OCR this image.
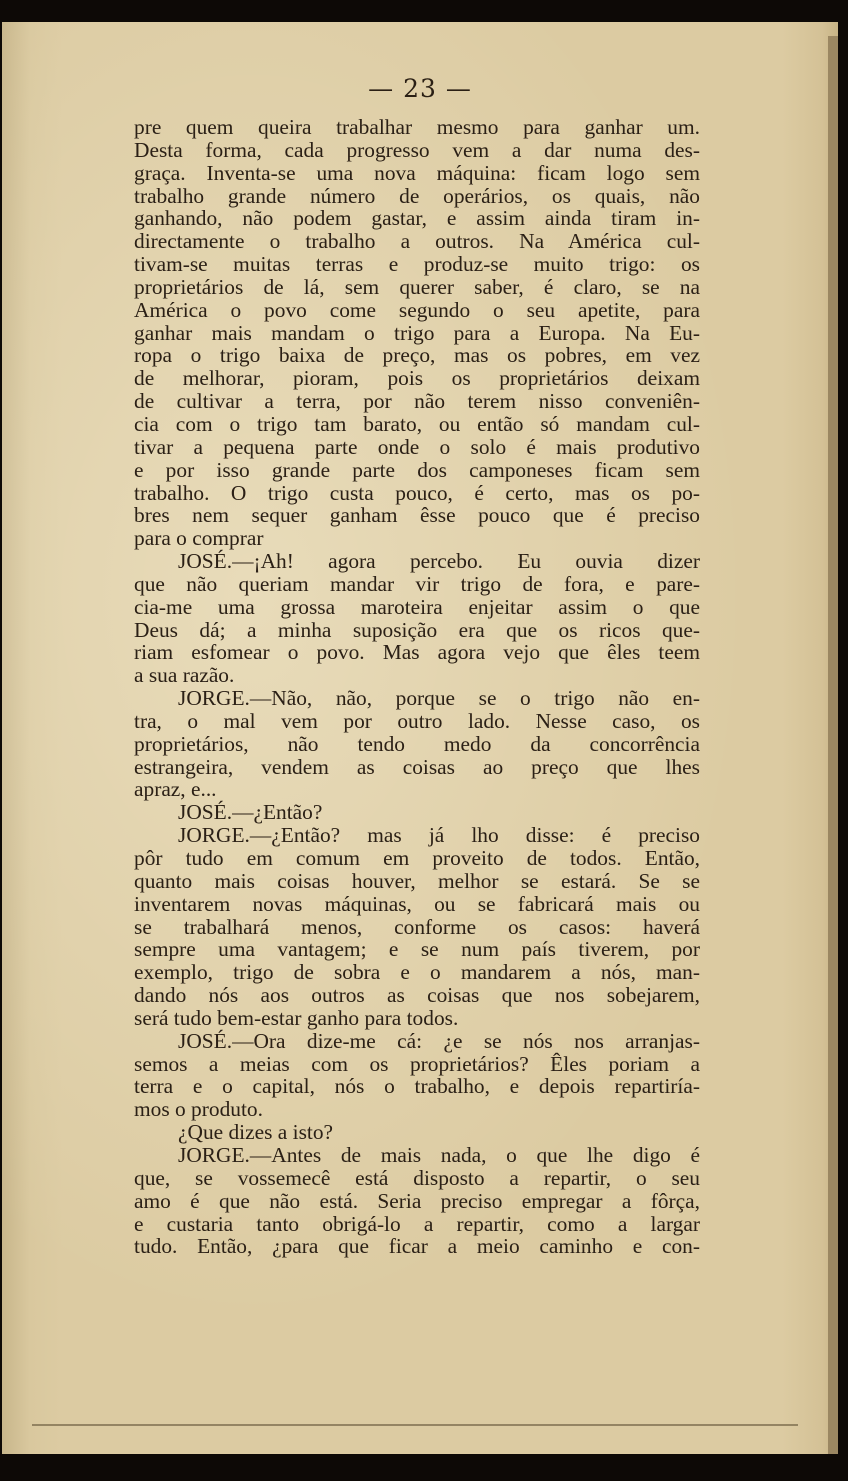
— 23 —
pre quem queira trabalhar mesmo para ganhar um.
Desta forma, cada progresso vem a dar numa des-
graça. Inventa-se uma nova máquina: ficam logo sem
trabalho grande número de operários, os quais, não
ganhando, não podem gastar, e assim ainda tiram in-
directamente o trabalho a outros. Na América cul-
tivam-se muitas terras e produz-se muito trigo: os
proprietários de lá, sem querer saber, é claro, se na
América o povo come segundo o seu apetite, para
ganhar mais mandam o trigo para a Europa. Na Eu-
ropa o trigo baixa de preço, mas os pobres, em vez
de melhorar, pioram, pois os proprietários deixam
de cultivar a terra, por não terem nisso conveniên-
cia com o trigo tam barato, ou então só mandam cul-
tivar a pequena parte onde o solo é mais produtivo
e por isso grande parte dos camponeses ficam sem
trabalho. O trigo custa pouco, é certo, mas os po-
bres nem sequer ganham êsse pouco que é preciso
para o comprar
JOSÉ.—¡Ah! agora percebo. Eu ouvia dizer
que não queriam mandar vir trigo de fora, e pare-
cia-me uma grossa maroteira enjeitar assim o que
Deus dá; a minha suposição era que os ricos que-
riam esfomear o povo. Mas agora vejo que êles teem
a sua razão.
JORGE.—Não, não, porque se o trigo não en-
tra, o mal vem por outro lado. Nesse caso, os
proprietários, não tendo medo da concorrência
estrangeira, vendem as coisas ao preço que lhes
apraz, e...
JOSÉ.—¿Então?
JORGE.—¿Então? mas já lho disse: é preciso
pôr tudo em comum em proveito de todos. Então,
quanto mais coisas houver, melhor se estará. Se se
inventarem novas máquinas, ou se fabricará mais ou
se trabalhará menos, conforme os casos: haverá
sempre uma vantagem; e se num país tiverem, por
exemplo, trigo de sobra e o mandarem a nós, man-
dando nós aos outros as coisas que nos sobejarem,
será tudo bem-estar ganho para todos.
JOSÉ.—Ora dize-me cá: ¿e se nós nos arranjas-
semos a meias com os proprietários? Êles poriam a
terra e o capital, nós o trabalho, e depois repartiría-
mos o produto.
¿Que dizes a isto?
JORGE.—Antes de mais nada, o que lhe digo é
que, se vossemecê está disposto a repartir, o seu
amo é que não está. Seria preciso empregar a fôrça,
e custaria tanto obrigá-lo a repartir, como a largar
tudo. Então, ¿para que ficar a meio caminho e con-
